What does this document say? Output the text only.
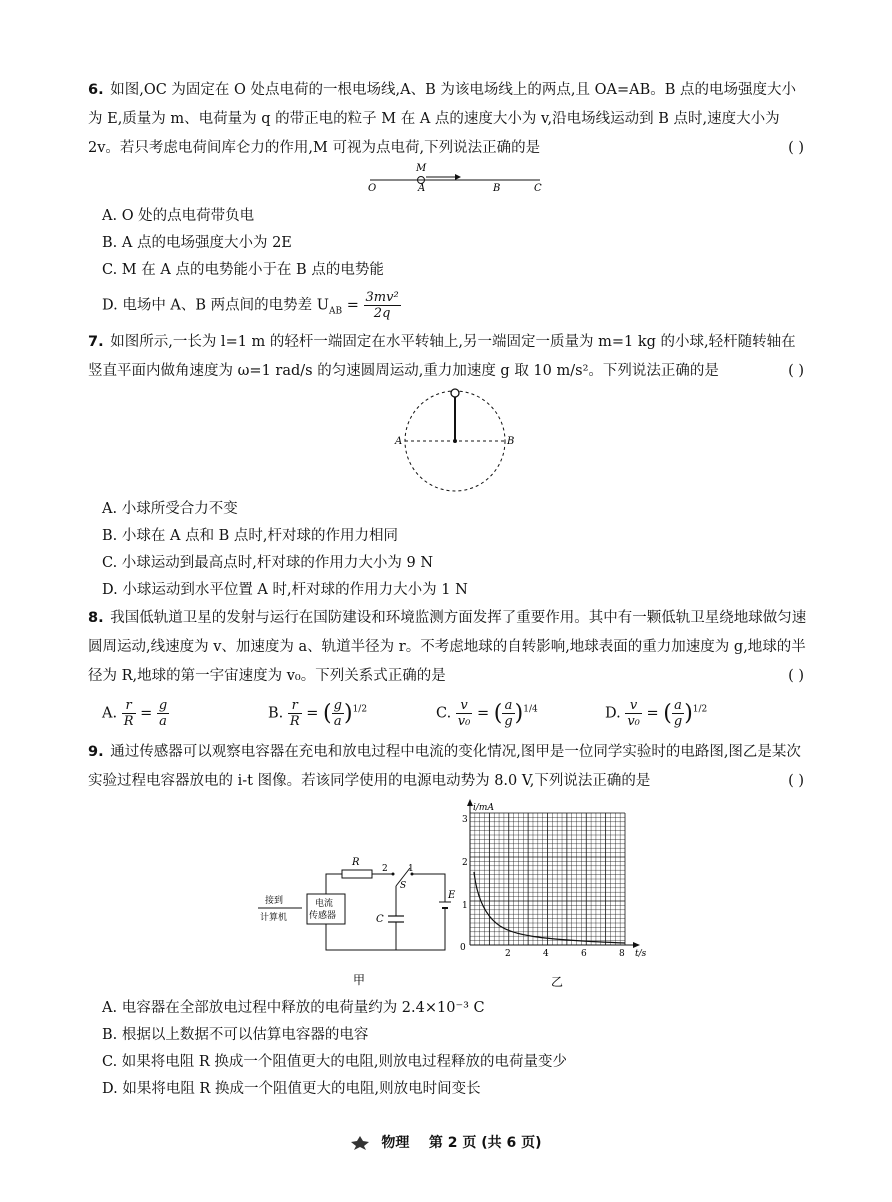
6. 如图,OC 为固定在 O 处点电荷的一根电场线,A、B 为该电场线上的两点,且 OA=AB。B 点的电场强度大小为 E,质量为 m、电荷量为 q 的带正电的粒子 M 在 A 点的速度大小为 v,沿电场线运动到 B 点时,速度大小为 2v。若只考虑电荷间库仑力的作用,M 可视为点电荷,下列说法正确的是	( )
O	A
M
B	C
A. O 处的点电荷带负电
B. A 点的电场强度大小为 2E
C. M 在 A 点的电势能小于在 B 点的电势能
D. 电场中 A、B 两点间的电势差 $U_{AB} = \frac{\text{3mv²}}{2q}$
7. 如图所示,一长为 l=1 m 的轻杆一端固定在水平转轴上,另一端固定一质量为 m=1 kg 的小球,轻杆随转轴在竖直平面内做角速度为 ω=1 rad/s 的匀速圆周运动,重力加速度 g 取 10 m/s²。下列说法正确的是	( )
A	B
A. 小球所受合力不变
B. 小球在 A 点和 B 点时,杆对球的作用力相同
C. 小球运动到最高点时,杆对球的作用力大小为 9 N
D. 小球运动到水平位置 A 时,杆对球的作用力大小为 1 N
8. 我国低轨道卫星的发射与运行在国防建设和环境监测方面发挥了重要作用。其中有一颗低轨卫星绕地球做匀速圆周运动,线速度为 v、加速度为 a、轨道半径为 r。不考虑地球的自转影响,地球表面的重力加速度为 g,地球的半径为 R,地球的第一宇宙速度为 v₀。下列关系式正确的是	( )
A. $\frac{r}{R} = \frac{g}{a}$	B. $\frac{r}{R}$ = ( $\frac{g}{a} )^{1/2}$	C. $\frac{v}{\text{v₀}}$ = ( $\frac{a}{g} )^{1/4}$	D. $\frac{v}{\text{v₀}}$ = ( $\frac{a}{g} )^{1/2}$
9. 通过传感器可以观察电容器在充电和放电过程中电流的变化情况,图甲是一位同学实验时的电路图,图乙是某次实验过程电容器放电的 i-t 图像。若该同学使用的电源电动势为 8.0 V,下列说法正确的是	( )
电流
传感器
接到
计算机
R
2
S
1
E
C
甲
i/mA
t/s
0
1
2
3
2	4	6	8
乙
A. 电容器在全部放电过程中释放的电荷量约为 2.4×10⁻³ C
B. 根据以上数据不可以估算电容器的电容
C. 如果将电阻 R 换成一个阻值更大的电阻,则放电过程释放的电荷量变少
D. 如果将电阻 R 换成一个阻值更大的电阻,则放电时间变长
物理 第 2 页 (共 6 页)
